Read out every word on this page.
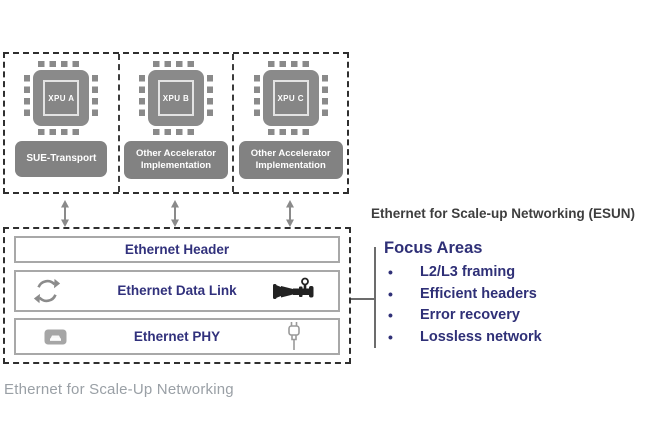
XPU A
SUE-Transport
XPU B
Other Accelerator Implementation
XPU C
Other Accelerator Implementation
Ethernet Header
Ethernet Data Link
Ethernet PHY
Ethernet for Scale-up Networking (ESUN)
Focus Areas
• L2/L3 framing
• Efficient headers
• Error recovery
• Lossless network
Ethernet for Scale-Up Networking
